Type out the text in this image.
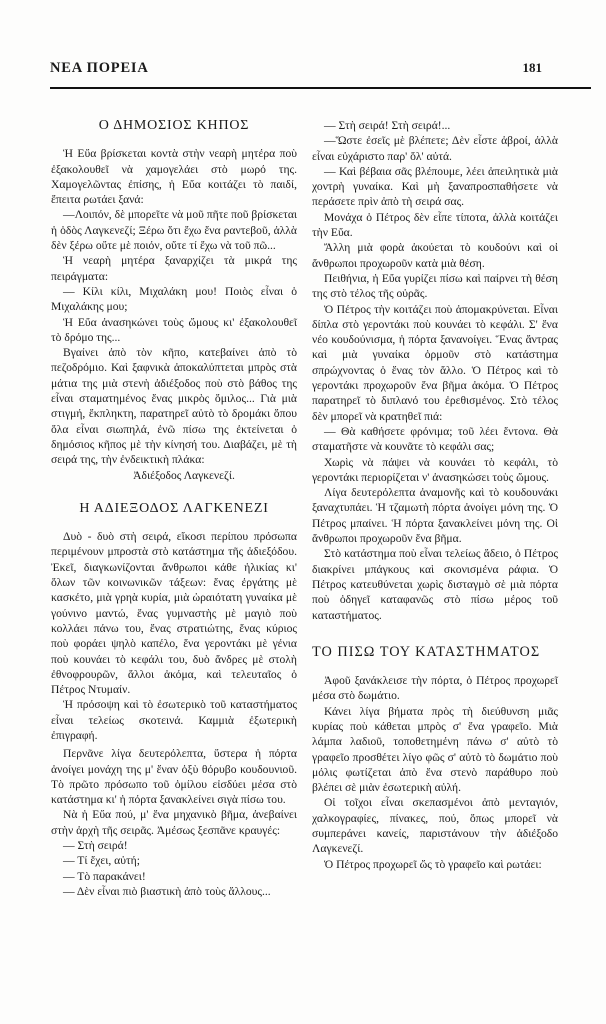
ΝΕΑ ΠΟΡΕΙΑ	181
Ο ΔΗΜΟΣΙΟΣ ΚΗΠΟΣ

Ἡ Εὔα βρίσκεται κοντὰ στὴν νεαρὴ μητέρα ποὺ ἐξακολουθεῖ νὰ χαμογελάει στὸ μωρό της. Χαμογελῶντας ἐπίσης, ἡ Εὔα κοιτάζει τὸ παιδί, ἔπειτα ρωτάει ξανά:

—Λοιπόν, δὲ μπορεῖτε νὰ μοῦ πῆτε ποῦ βρίσκεται ἡ ὁδὸς Λαγκενεζί; Ξέρω ὅτι ἔχω ἕνα ραντεβοῦ, ἀλλὰ δὲν ξέρω οὔτε μὲ ποιόν, οὔτε τί ἔχω νὰ τοῦ πῶ...

Ἡ νεαρὴ μητέρα ξαναρχίζει τὰ μικρά της πειράγματα:

— Κίλι κίλι, Μιχαλάκη μου! Ποιὸς εἶναι ὁ Μιχαλάκης μου;

Ἡ Εὔα ἀνασηκώνει τοὺς ὤμους κι' ἐξακολουθεῖ τὸ δρόμο της...

Βγαίνει ἀπὸ τὸν κῆπο, κατεβαίνει ἀπὸ τὸ πεζοδρόμιο. Καὶ ξαφνικὰ ἀποκαλύπτεται μπρὸς στὰ μάτια της μιὰ στενὴ ἀδιέξοδος ποὺ στὸ βάθος της εἶναι σταματημένος ἕνας μικρὸς ὅμιλος... Γιὰ μιὰ στιγμή, ἔκπληκτη, παρατηρεῖ αὐτὸ τὸ δρομάκι ὅπου ὅλα εἶναι σιωπηλά, ἐνῶ πίσω της ἐκτείνεται ὁ δημόσιος κῆπος μὲ τὴν κίνησή του. Διαβάζει, μὲ τὴ σειρά της, τὴν ἐνδεικτικὴ πλάκα:

Ἀδιέξοδος Λαγκενεζί.

Η ΑΔΙΕΞΟΔΟΣ ΛΑΓΚΕΝΕΖΙ

Δυὸ - δυὸ στὴ σειρά, εἴκοσι περίπου πρόσωπα περιμένουν μπροστὰ στὸ κατάστημα τῆς ἀδιεξόδου. Ἐκεῖ, διαγκωνίζονται ἄνθρωποι κάθε ἡλικίας κι' ὅλων τῶν κοινωνικῶν τάξεων: ἕνας ἐργάτης μὲ κασκέτο, μιὰ γρηὰ κυρία, μιὰ ὡραιότατη γυναίκα μὲ γούνινο μαντώ, ἕνας γυμναστὴς μὲ μαγιὸ ποὺ κολλάει πάνω του, ἕνας στρατιώτης, ἕνας κύριος ποὺ φοράει ψηλὸ καπέλο, ἕνα γεροντάκι μὲ γένια ποὺ κουνάει τὸ κεφάλι του, δυὸ ἄνδρες μὲ στολὴ ἐθνοφρουρῶν, ἄλλοι ἀκόμα, καὶ τελευταῖος ὁ Πέτρος Ντυμαίν.

Ἡ πρόσοψη καὶ τὸ ἐσωτερικὸ τοῦ καταστήματος εἶναι τελείως σκοτεινά. Καμμιὰ ἐξωτερικὴ ἐπιγραφή.

Περνᾶνε λίγα δευτερόλεπτα, ὕστερα ἡ πόρτα ἀνοίγει μονάχη της μ' ἕναν ὀξὺ θόρυβο κουδουνιοῦ. Τὸ πρῶτο πρόσωπο τοῦ ὁμίλου εἰσδύει μέσα στὸ κατάστημα κι' ἡ πόρτα ξανακλείνει σιγὰ πίσω του.

Νὰ ἡ Εὔα πού, μ' ἕνα μηχανικὸ βῆμα, ἀνεβαίνει στὴν ἀρχὴ τῆς σειρᾶς. Ἀμέσως ξεσπᾶνε κραυγές:

— Στὴ σειρά!

— Τί ἔχει, αὐτή;

— Τὸ παρακάνει!

— Δὲν εἶναι πιὸ βιαστικὴ ἀπὸ τοὺς ἄλλους...

— Στὴ σειρά! Στὴ σειρά!...

—Ὥστε ἐσεῖς μὲ βλέπετε; Δὲν εἶστε ἀβροί, ἀλλὰ εἶναι εὐχάριστο παρ' ὅλ' αὐτά.

— Καὶ βέβαια σᾶς βλέπουμε, λέει ἀπειλητικὰ μιὰ χοντρὴ γυναίκα. Καὶ μὴ ξαναπροσπαθήσετε νὰ περάσετε πρὶν ἀπὸ τὴ σειρά σας.

Μονάχα ὁ Πέτρος δὲν εἶπε τίποτα, ἀλλὰ κοιτάζει τὴν Εὔα.

Ἄλλη μιὰ φορὰ ἀκούεται τὸ κουδούνι καὶ οἱ ἄνθρωποι προχωροῦν κατὰ μιὰ θέση.

Πειθήνια, ἡ Εὔα γυρίζει πίσω καὶ παίρνει τὴ θέση της στὸ τέλος τῆς οὐρᾶς.

Ὁ Πέτρος τὴν κοιτάζει ποὺ ἀπομακρύνεται. Εἶναι δίπλα στὸ γεροντάκι ποὺ κουνάει τὸ κεφάλι. Σ' ἕνα νέο κουδούνισμα, ἡ πόρτα ξανανοίγει. Ἕνας ἄντρας καὶ μιὰ γυναίκα ὁρμοῦν στὸ κατάστημα σπρώχνοντας ὁ ἕνας τὸν ἄλλο. Ὁ Πέτρος καὶ τὸ γεροντάκι προχωροῦν ἕνα βῆμα ἀκόμα. Ὁ Πέτρος παρατηρεῖ τὸ διπλανό του ἐρεθισμένος. Στὸ τέλος δὲν μπορεῖ νὰ κρατηθεῖ πιά:

— Θὰ καθήσετε φρόνιμα; τοῦ λέει ἔντονα. Θὰ σταματῆστε νὰ κουνᾶτε τὸ κεφάλι σας;

Χωρὶς νὰ πάψει νὰ κουνάει τὸ κεφάλι, τὸ γεροντάκι περιορίζεται ν' ἀνασηκώσει τοὺς ὤμους.

Λίγα δευτερόλεπτα ἀναμονῆς καὶ τὸ κουδουνάκι ξαναχτυπάει. Ἡ τζαμωτὴ πόρτα ἀνοίγει μόνη της. Ὁ Πέτρος μπαίνει. Ἡ πόρτα ξανακλείνει μόνη της. Οἱ ἄνθρωποι προχωροῦν ἕνα βῆμα.

Στὸ κατάστημα ποὺ εἶναι τελείως ἄδειο, ὁ Πέτρος διακρίνει μπάγκους καὶ σκονισμένα ράφια. Ὁ Πέτρος κατευθύνεται χωρὶς δισταγμὸ σὲ μιὰ πόρτα ποὺ ὁδηγεῖ καταφανῶς στὸ πίσω μέρος τοῦ καταστήματος.

ΤΟ ΠΙΣΩ ΤΟΥ ΚΑΤΑΣΤΗΜΑΤΟΣ

Ἀφοῦ ξανάκλεισε τὴν πόρτα, ὁ Πέτρος προχωρεῖ μέσα στὸ δωμάτιο.

Κάνει λίγα βήματα πρὸς τὴ διεύθυνση μιᾶς κυρίας ποὺ κάθεται μπρὸς σ' ἕνα γραφεῖο. Μιὰ λάμπα λαδιοῦ, τοποθετημένη πάνω σ' αὐτὸ τὸ γραφεῖο προσθέτει λίγο φῶς σ' αὐτὸ τὸ δωμάτιο ποὺ μόλις φωτίζεται ἀπὸ ἕνα στενὸ παράθυρο ποὺ βλέπει σὲ μιὰν ἐσωτερικὴ αὐλή.

Οἱ τοῖχοι εἶναι σκεπασμένοι ἀπὸ μενταγιόν, χαλκογραφίες, πίνακες, πού, ὅπως μπορεῖ νὰ συμπεράνει κανείς, παριστάνουν τὴν ἀδιέξοδο Λαγκενεζί.

Ὁ Πέτρος προχωρεῖ ὥς τὸ γραφεῖο καὶ ρωτάει:
